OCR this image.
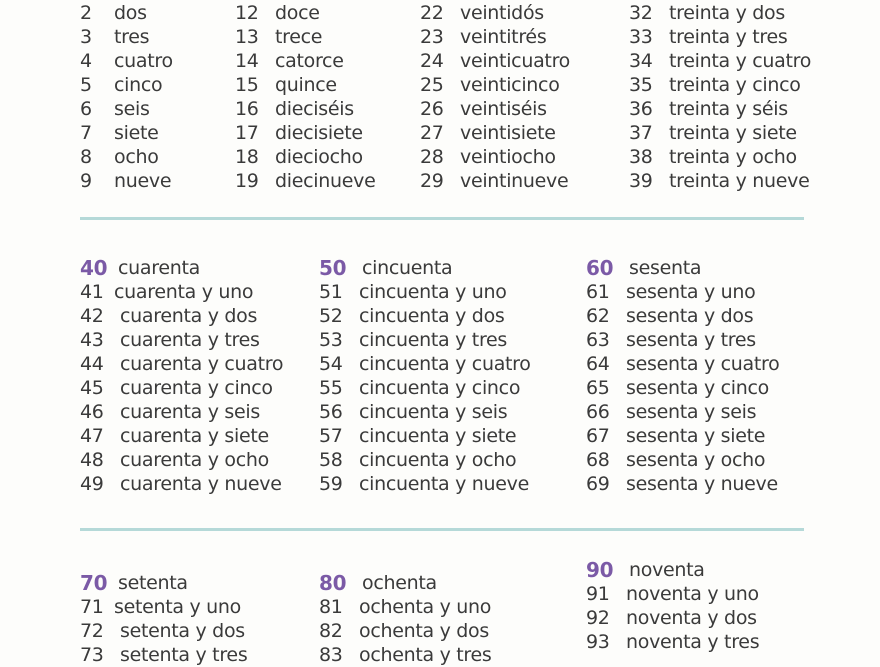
2 dos
3 tres
4 cuatro
5 cinco
6 seis
7 siete
8 ocho
9 nueve
12 doce
13 trece
14 catorce
15 quince
16 dieciséis
17 diecisiete
18 dieciocho
19 diecinueve
22 veintidós
23 veintitrés
24 veinticuatro
25 veinticinco
26 veintiséis
27 veintisiete
28 veintiocho
29 veintinueve
32 treinta y dos
33 treinta y tres
34 treinta y cuatro
35 treinta y cinco
36 treinta y séis
37 treinta y siete
38 treinta y ocho
39 treinta y nueve
40 cuarenta
41 cuarenta y uno
42 cuarenta y dos
43 cuarenta y tres
44 cuarenta y cuatro
45 cuarenta y cinco
46 cuarenta y seis
47 cuarenta y siete
48 cuarenta y ocho
49 cuarenta y nueve
50 cincuenta
51 cincuenta y uno
52 cincuenta y dos
53 cincuenta y tres
54 cincuenta y cuatro
55 cincuenta y cinco
56 cincuenta y seis
57 cincuenta y siete
58 cincuenta y ocho
59 cincuenta y nueve
60 sesenta
61 sesenta y uno
62 sesenta y dos
63 sesenta y tres
64 sesenta y cuatro
65 sesenta y cinco
66 sesenta y seis
67 sesenta y siete
68 sesenta y ocho
69 sesenta y nueve
70 setenta
71 setenta y uno
72 setenta y dos
73 setenta y tres
80 ochenta
81 ochenta y uno
82 ochenta y dos
83 ochenta y tres
90 noventa
91 noventa y uno
92 noventa y dos
93 noventa y tres
